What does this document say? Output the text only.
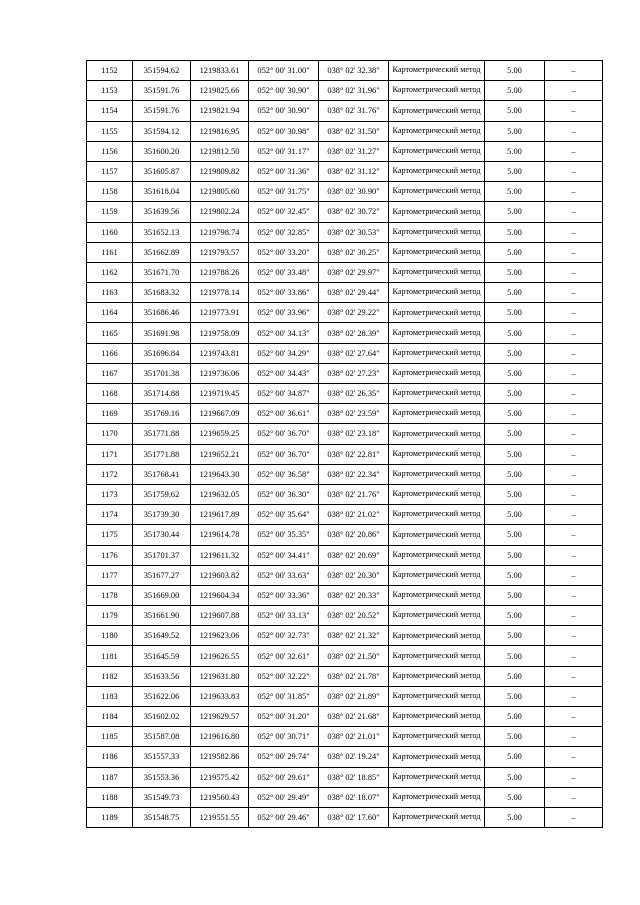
1152	351594.62	1219833.61	052° 00' 31.00"	038° 02' 32.38"	Картометрический метод	5.00	–
1153	351591.76	1219825.66	052° 00' 30.90"	038° 02' 31.96"	Картометрический метод	5.00	–
1154	351591.76	1219821.94	052° 00' 30.90"	038° 02' 31.76"	Картометрический метод	5.00	–
1155	351594.12	1219816.95	052° 00' 30.98"	038° 02' 31.50"	Картометрический метод	5.00	–
1156	351600.20	1219812.50	052° 00' 31.17"	038° 02' 31.27"	Картометрический метод	5.00	–
1157	351605.87	1219809.82	052° 00' 31.36"	038° 02' 31.12"	Картометрический метод	5.00	–
1158	351618.04	1219805.60	052° 00' 31.75"	038° 02' 30.90"	Картометрический метод	5.00	–
1159	351639.56	1219802.24	052° 00' 32.45"	038° 02' 30.72"	Картометрический метод	5.00	–
1160	351652.13	1219798.74	052° 00' 32.85"	038° 02' 30.53"	Картометрический метод	5.00	–
1161	351662.89	1219793.57	052° 00' 33.20"	038° 02' 30.25"	Картометрический метод	5.00	–
1162	351671.70	1219788.26	052° 00' 33.48"	038° 02' 29.97"	Картометрический метод	5.00	–
1163	351683.32	1219778.14	052° 00' 33.86"	038° 02' 29.44"	Картометрический метод	5.00	–
1164	351686.46	1219773.91	052° 00' 33.96"	038° 02' 29.22"	Картометрический метод	5.00	–
1165	351691.98	1219758.09	052° 00' 34.13"	038° 02' 28.39"	Картометрический метод	5.00	–
1166	351696.84	1219743.81	052° 00' 34.29"	038° 02' 27.64"	Картометрический метод	5.00	–
1167	351701.38	1219736.06	052° 00' 34.43"	038° 02' 27.23"	Картометрический метод	5.00	–
1168	351714.88	1219719.45	052° 00' 34.87"	038° 02' 26.35"	Картометрический метод	5.00	–
1169	351769.16	1219667.09	052° 00' 36.61"	038° 02' 23.59"	Картометрический метод	5.00	–
1170	351771.88	1219659.25	052° 00' 36.70"	038° 02' 23.18"	Картометрический метод	5.00	–
1171	351771.88	1219652.21	052° 00' 36.70"	038° 02' 22.81"	Картометрический метод	5.00	–
1172	351768.41	1219643.30	052° 00' 36.58"	038° 02' 22.34"	Картометрический метод	5.00	–
1173	351759.62	1219632.05	052° 00' 36.30"	038° 02' 21.76"	Картометрический метод	5.00	–
1174	351739.30	1219617.89	052° 00' 35.64"	038° 02' 21.02"	Картометрический метод	5.00	–
1175	351730.44	1219614.78	052° 00' 35.35"	038° 02' 20.86"	Картометрический метод	5.00	–
1176	351701.37	1219611.32	052° 00' 34.41"	038° 02' 20.69"	Картометрический метод	5.00	–
1177	351677.27	1219603.82	052° 00' 33.63"	038° 02' 20.30"	Картометрический метод	5.00	–
1178	351669.00	1219604.34	052° 00' 33.36"	038° 02' 20.33"	Картометрический метод	5.00	–
1179	351661.90	1219607.88	052° 00' 33.13"	038° 02' 20.52"	Картометрический метод	5.00	–
1180	351649.52	1219623.06	052° 00' 32.73"	038° 02' 21.32"	Картометрический метод	5.00	–
1181	351645.59	1219626.55	052° 00' 32.61"	038° 02' 21.50"	Картометрический метод	5.00	–
1182	351633.56	1219631.80	052° 00' 32.22"	038° 02' 21.78"	Картометрический метод	5.00	–
1183	351622.06	1219633.83	052° 00' 31.85"	038° 02' 21.89"	Картометрический метод	5.00	–
1184	351602.02	1219629.57	052° 00' 31.20"	038° 02' 21.68"	Картометрический метод	5.00	–
1185	351587.08	1219616.80	052° 00' 30.71"	038° 02' 21.01"	Картометрический метод	5.00	–
1186	351557.33	1219582.86	052° 00' 29.74"	038° 02' 19.24"	Картометрический метод	5.00	–
1187	351553.36	1219575.42	052° 00' 29.61"	038° 02' 18.85"	Картометрический метод	5.00	–
1188	351549.73	1219560.43	052° 00' 29.49"	038° 02' 18.07"	Картометрический метод	5.00	–
1189	351548.75	1219551.55	052° 00' 29.46"	038° 02' 17.60"	Картометрический метод	5.00	–
